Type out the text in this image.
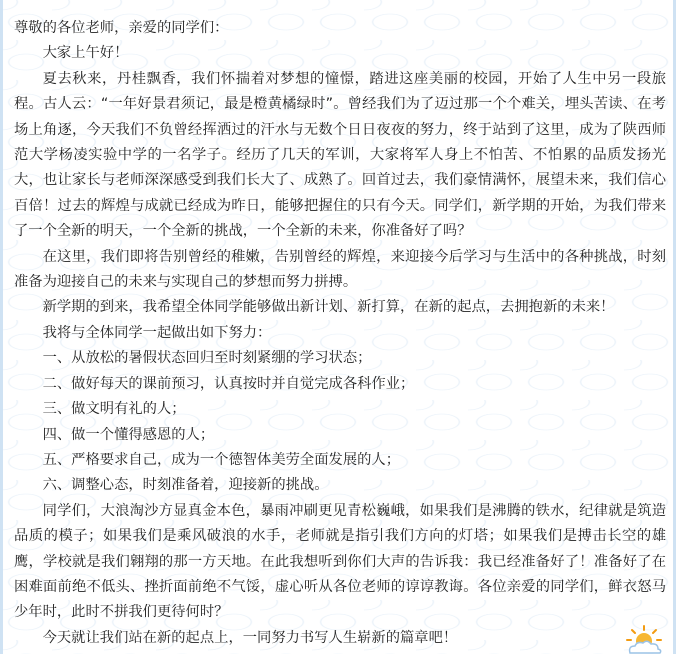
尊敬的各位老师，亲爱的同学们：

大家上午好！

夏去秋来，丹桂飘香，我们怀揣着对梦想的憧憬，踏进这座美丽的校园，开始了人生中另一段旅程。古人云：“一年好景君须记，最是橙黄橘绿时”。曾经我们为了迈过那一个个难关，埋头苦读、在考场上角逐，今天我们不负曾经挥洒过的汗水与无数个日日夜夜的努力，终于站到了这里，成为了陕西师范大学杨凌实验中学的一名学子。经历了几天的军训，大家将军人身上不怕苦、不怕累的品质发扬光大，也让家长与老师深深感受到我们长大了、成熟了。回首过去，我们豪情满怀，展望未来，我们信心百倍！过去的辉煌与成就已经成为昨日，能够把握住的只有今天。同学们，新学期的开始，为我们带来了一个全新的明天，一个全新的挑战，一个全新的未来，你准备好了吗？

在这里，我们即将告别曾经的稚嫩，告别曾经的辉煌，来迎接今后学习与生活中的各种挑战，时刻准备为迎接自己的未来与实现自己的梦想而努力拼搏。

新学期的到来，我希望全体同学能够做出新计划、新打算，在新的起点，去拥抱新的未来！

我将与全体同学一起做出如下努力：

一、从放松的暑假状态回归至时刻紧绷的学习状态；

二、做好每天的课前预习，认真按时并自觉完成各科作业；

三、做文明有礼的人；

四、做一个懂得感恩的人；

五、严格要求自己，成为一个德智体美劳全面发展的人；

六、调整心态，时刻准备着，迎接新的挑战。

同学们，大浪淘沙方显真金本色，暴雨冲刷更见青松巍峨，如果我们是沸腾的铁水，纪律就是筑造品质的模子；如果我们是乘风破浪的水手，老师就是指引我们方向的灯塔；如果我们是搏击长空的雄鹰，学校就是我们翱翔的那一方天地。在此我想听到你们大声的告诉我：我已经准备好了！准备好了在困难面前绝不低头、挫折面前绝不气馁，虚心听从各位老师的谆谆教诲。各位亲爱的同学们，鲜衣怒马少年时，此时不拼我们更待何时？

今天就让我们站在新的起点上，一同努力书写人生崭新的篇章吧！
